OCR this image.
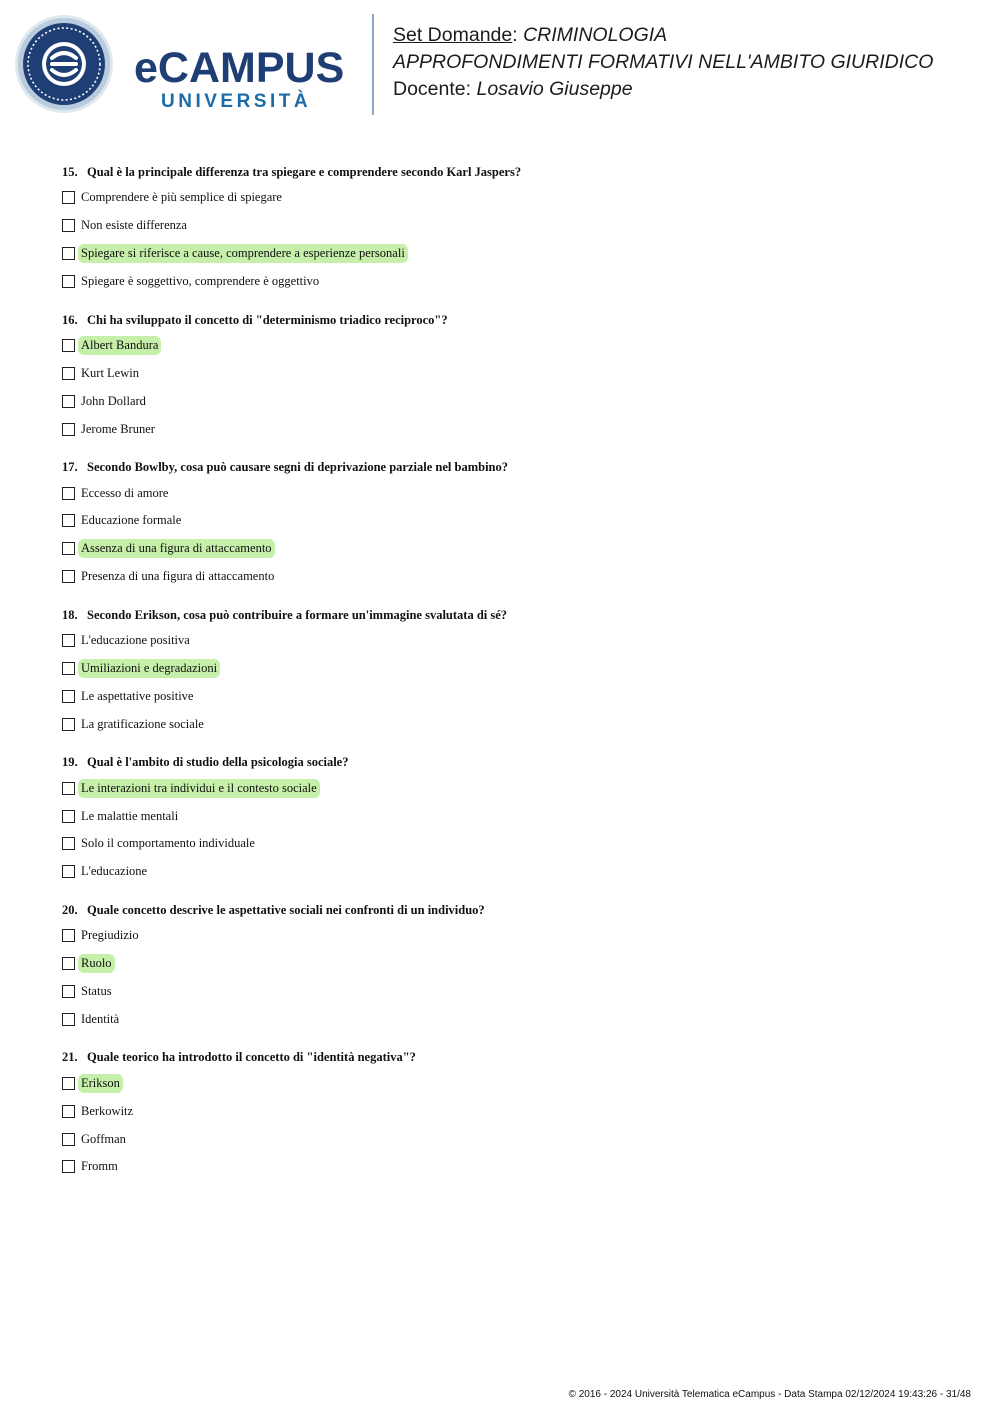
eCAMPUS
UNIVERSITÀ
Set Domande: CRIMINOLOGIA
APPROFONDIMENTI FORMATIVI NELL'AMBITO GIURIDICO
Docente: Losavio Giuseppe
15. Qual è la principale differenza tra spiegare e comprendere secondo Karl Jaspers?
Comprendere è più semplice di spiegare
Non esiste differenza
Spiegare si riferisce a cause, comprendere a esperienze personali
Spiegare è soggettivo, comprendere è oggettivo
16. Chi ha sviluppato il concetto di "determinismo triadico reciproco"?
Albert Bandura
Kurt Lewin
John Dollard
Jerome Bruner
17. Secondo Bowlby, cosa può causare segni di deprivazione parziale nel bambino?
Eccesso di amore
Educazione formale
Assenza di una figura di attaccamento
Presenza di una figura di attaccamento
18. Secondo Erikson, cosa può contribuire a formare un'immagine svalutata di sé?
L'educazione positiva
Umiliazioni e degradazioni
Le aspettative positive
La gratificazione sociale
19. Qual è l'ambito di studio della psicologia sociale?
Le interazioni tra individui e il contesto sociale
Le malattie mentali
Solo il comportamento individuale
L'educazione
20. Quale concetto descrive le aspettative sociali nei confronti di un individuo?
Pregiudizio
Ruolo
Status
Identità
21. Quale teorico ha introdotto il concetto di "identità negativa"?
Erikson
Berkowitz
Goffman
Fromm
© 2016 - 2024 Università Telematica eCampus - Data Stampa 02/12/2024 19:43:26 - 31/48
